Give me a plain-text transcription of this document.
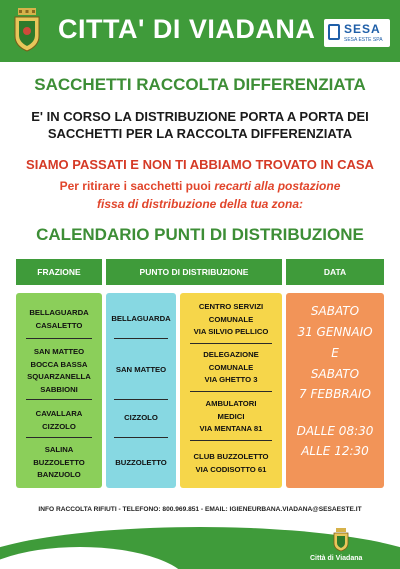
CITTA' DI VIADANA SESA
SESA ESTE SPA
SACCHETTI RACCOLTA DIFFERENZIATA
E' IN CORSO LA DISTRIBUZIONE PORTA A PORTA DEI
SACCHETTI PER LA RACCOLTA DIFFERENZIATA
SIAMO PASSATI E NON TI ABBIAMO TROVATO IN CASA
Per ritirare i sacchetti puoi recarti alla postazione
fissa di distribuzione della tua zona:
CALENDARIO PUNTI DI DISTRIBUZIONE
FRAZIONE	PUNTO DI DISTRIBUZIONE	DATA
BELLAGUARDA
CASALETTO
SAN MATTEO
BOCCA BASSA
SQUARZANELLA
SABBIONI
CAVALLARA
CIZZOLO
SALINA
BUZZOLETTO
BANZUOLO
BELLAGUARDA
SAN MATTEO
CIZZOLO
BUZZOLETTO
CENTRO SERVIZI
COMUNALE
VIA SILVIO PELLICO
DELEGAZIONE
COMUNALE
VIA GHETTO 3
AMBULATORI
MEDICI
VIA MENTANA 81
CLUB BUZZOLETTO
VIA CODISOTTO 61
SABATO
31 GENNAIO
E
SABATO
7 FEBBRAIO
DALLE 08:30
ALLE 12:30
INFO RACCOLTA RIFIUTI - TELEFONO: 800.969.851 - EMAIL: IGIENEURBANA.VIADANA@SESAESTE.IT
Città di Viadana
